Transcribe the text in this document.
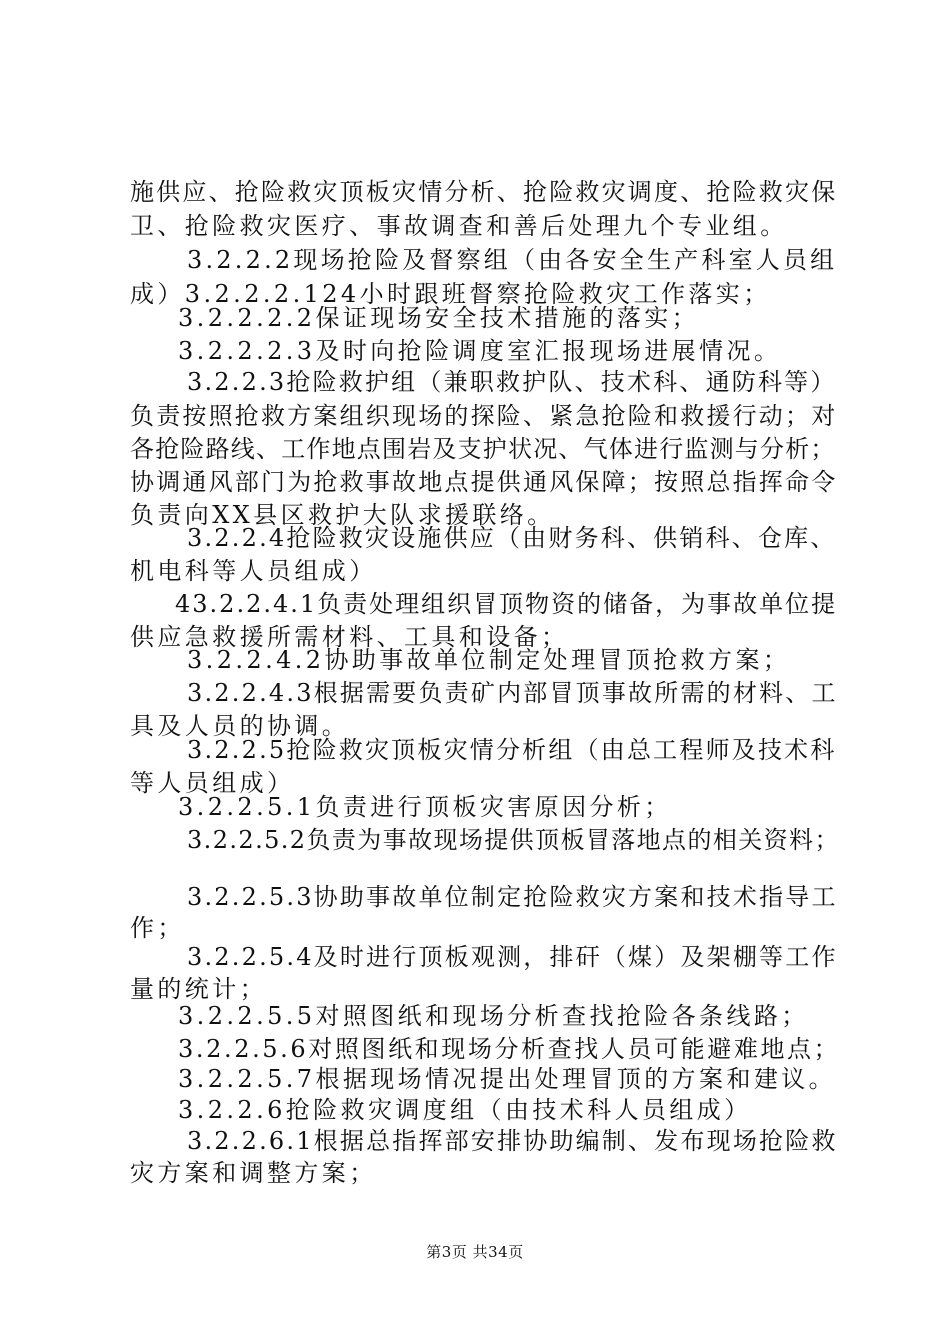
施供应、抢险救灾顶板灾情分析、抢险救灾调度、抢险救灾保
卫、抢险救灾医疗、事故调查和善后处理九个专业组。
3.2.2.2现场抢险及督察组（由各安全生产科室人员组
成）3.2.2.2.124小时跟班督察抢险救灾工作落实；
3.2.2.2.2保证现场安全技术措施的落实；
3.2.2.2.3及时向抢险调度室汇报现场进展情况。
3.2.2.3抢险救护组（兼职救护队、技术科、通防科等）
负责按照抢救方案组织现场的探险、紧急抢险和救援行动；对
各抢险路线、工作地点围岩及支护状况、气体进行监测与分析；
协调通风部门为抢救事故地点提供通风保障；按照总指挥命令
负责向XX县区救护大队求援联络。
3.2.2.4抢险救灾设施供应（由财务科、供销科、仓库、
机电科等人员组成）
43.2.2.4.1负责处理组织冒顶物资的储备，为事故单位提
供应急救援所需材料、工具和设备；
3.2.2.4.2协助事故单位制定处理冒顶抢救方案；
3.2.2.4.3根据需要负责矿内部冒顶事故所需的材料、工
具及人员的协调。
3.2.2.5抢险救灾顶板灾情分析组（由总工程师及技术科
等人员组成）
3.2.2.5.1负责进行顶板灾害原因分析；
3.2.2.5.2负责为事故现场提供顶板冒落地点的相关资料；
3.2.2.5.3协助事故单位制定抢险救灾方案和技术指导工
作；
3.2.2.5.4及时进行顶板观测，排矸（煤）及架棚等工作
量的统计；
3.2.2.5.5对照图纸和现场分析查找抢险各条线路；
3.2.2.5.6对照图纸和现场分析查找人员可能避难地点；
3.2.2.5.7根据现场情况提出处理冒顶的方案和建议。
3.2.2.6抢险救灾调度组（由技术科人员组成）
3.2.2.6.1根据总指挥部安排协助编制、发布现场抢险救
灾方案和调整方案；
第3页 共34页
